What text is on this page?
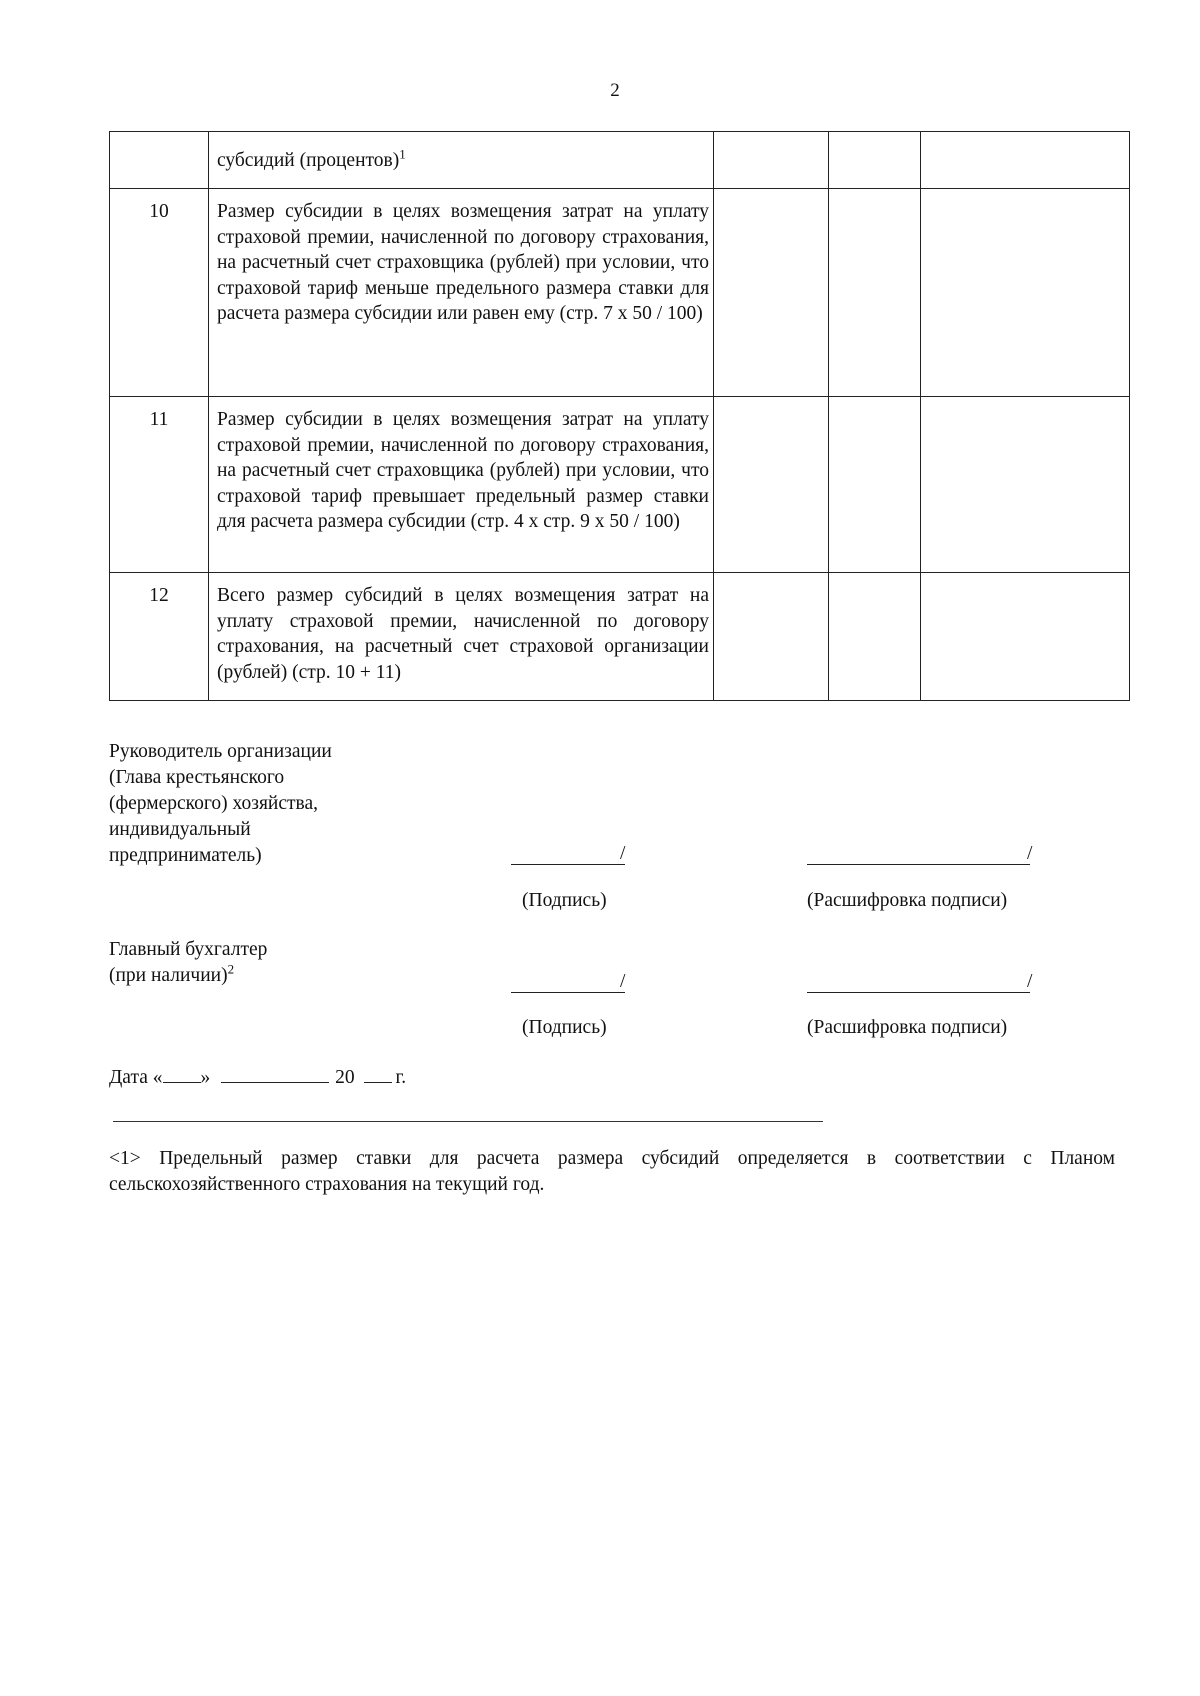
2
	субсидий (процентов)$^1$			
10	Размер субсидии в целях возмещения затрат на уплату страховой премии, начисленной по договору страхования, на расчетный счет страховщика (рублей) при условии, что страховой тариф меньше предельного размера ставки для расчета размера субсидии или равен ему (стр. 7 x 50 / 100)			
11	Размер субсидии в целях возмещения затрат на уплату страховой премии, начисленной по договору страхования, на расчетный счет страховщика (рублей) при условии, что страховой тариф превышает предельный размер ставки для расчета размера субсидии (стр. 4 x стр. 9 x 50 / 100)			
12	Всего размер субсидий в целях возмещения затрат на уплату страховой премии, начисленной по договору страхования, на расчетный счет страховой организации (рублей) (стр. 10 + 11)			
Руководитель организации
(Глава крестьянского
(фермерского) хозяйства,
индивидуальный
предприниматель)	/	/
(Подпись)	(Расшифровка подписи)
Главный бухгалтер
(при наличии)$^2$
/	/
(Подпись)	(Расшифровка подписи)
Дата « »	20 г.
<1> Предельный размер ставки для расчета размера субсидий определяется в соответствии с Планом сельскохозяйственного страхования на текущий год.
